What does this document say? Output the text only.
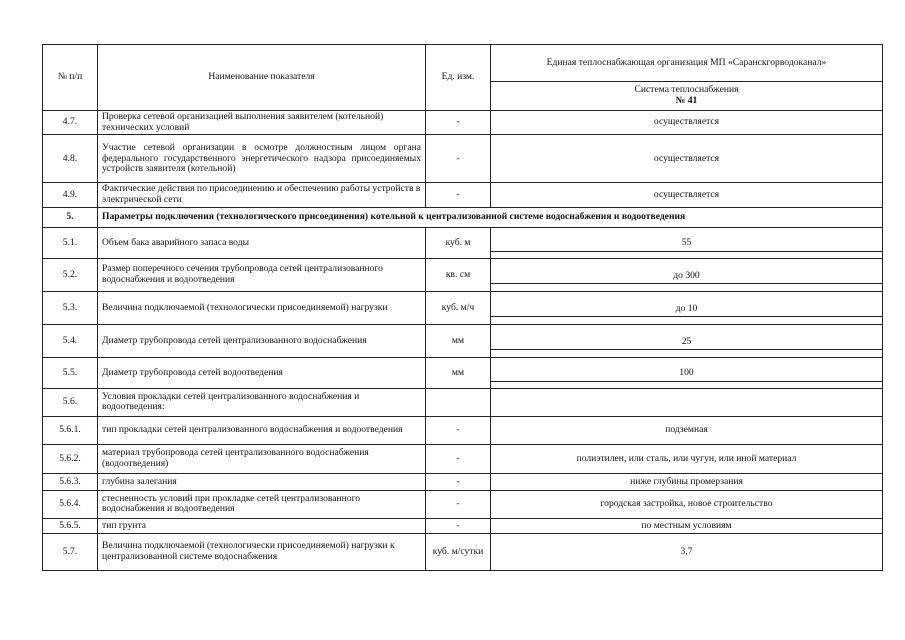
№ п/п	Наименование показателя	Ед. изм.	Единая теплоснабжающая организация МП «Саранскгорводоканал»

			Система теплоснабжения
№ 41

4.7.	Проверка сетевой организацией выполнения заявителем (котельной) технических условий	-	осуществляется
4.8.	Участие сетевой организации в осмотре должностным лицом органа федерального государственного энергетического надзора присоединяемых устройств заявителя (котельной)	-	осуществляется
4.9.	Фактические действия по присоединению и обеспечению работы устройств в электрической сети	-	осуществляется
5.	Параметры подключения (технологического присоединения) котельной к централизованной системе водоснабжения и водоотведения		
5.1.	Объем бака аварийного запаса воды	куб. м	55

5.2.	Размер поперечного сечения трубопровода сетей централизованного водоснабжения и водоотведения	кв. см	до 300

5.3.	Величина подключаемой (технологически присоединяемой) нагрузки	куб. м/ч	до 10

5.4.	Диаметр трубопровода сетей централизованного водоснабжения	мм	25

5.5.	Диаметр трубопровода сетей водоотведения	мм	100

5.6.	Условия прокладки сетей централизованного водоснабжения и водоотведения:		
5.6.1.	тип прокладки сетей централизованного водоснабжения и водоотведения	-	подземная
5.6.2.	материал трубопровода сетей централизованного водоснабжения (водоотведения)	-	полиэтилен, или сталь, или чугун, или иной материал
5.6.3.	глубина залегания	-	ниже глубины промерзания
5.6.4.	стесненность условий при прокладке сетей централизованного водоснабжения и водоотведения	-	городская застройка, новое строительство
5.6.5.	тип грунта	-	по местным условиям
5.7.	Величина подключаемой (технологически присоединяемой) нагрузки к централизованной системе водоснабжения	куб. м/сутки	3,7
